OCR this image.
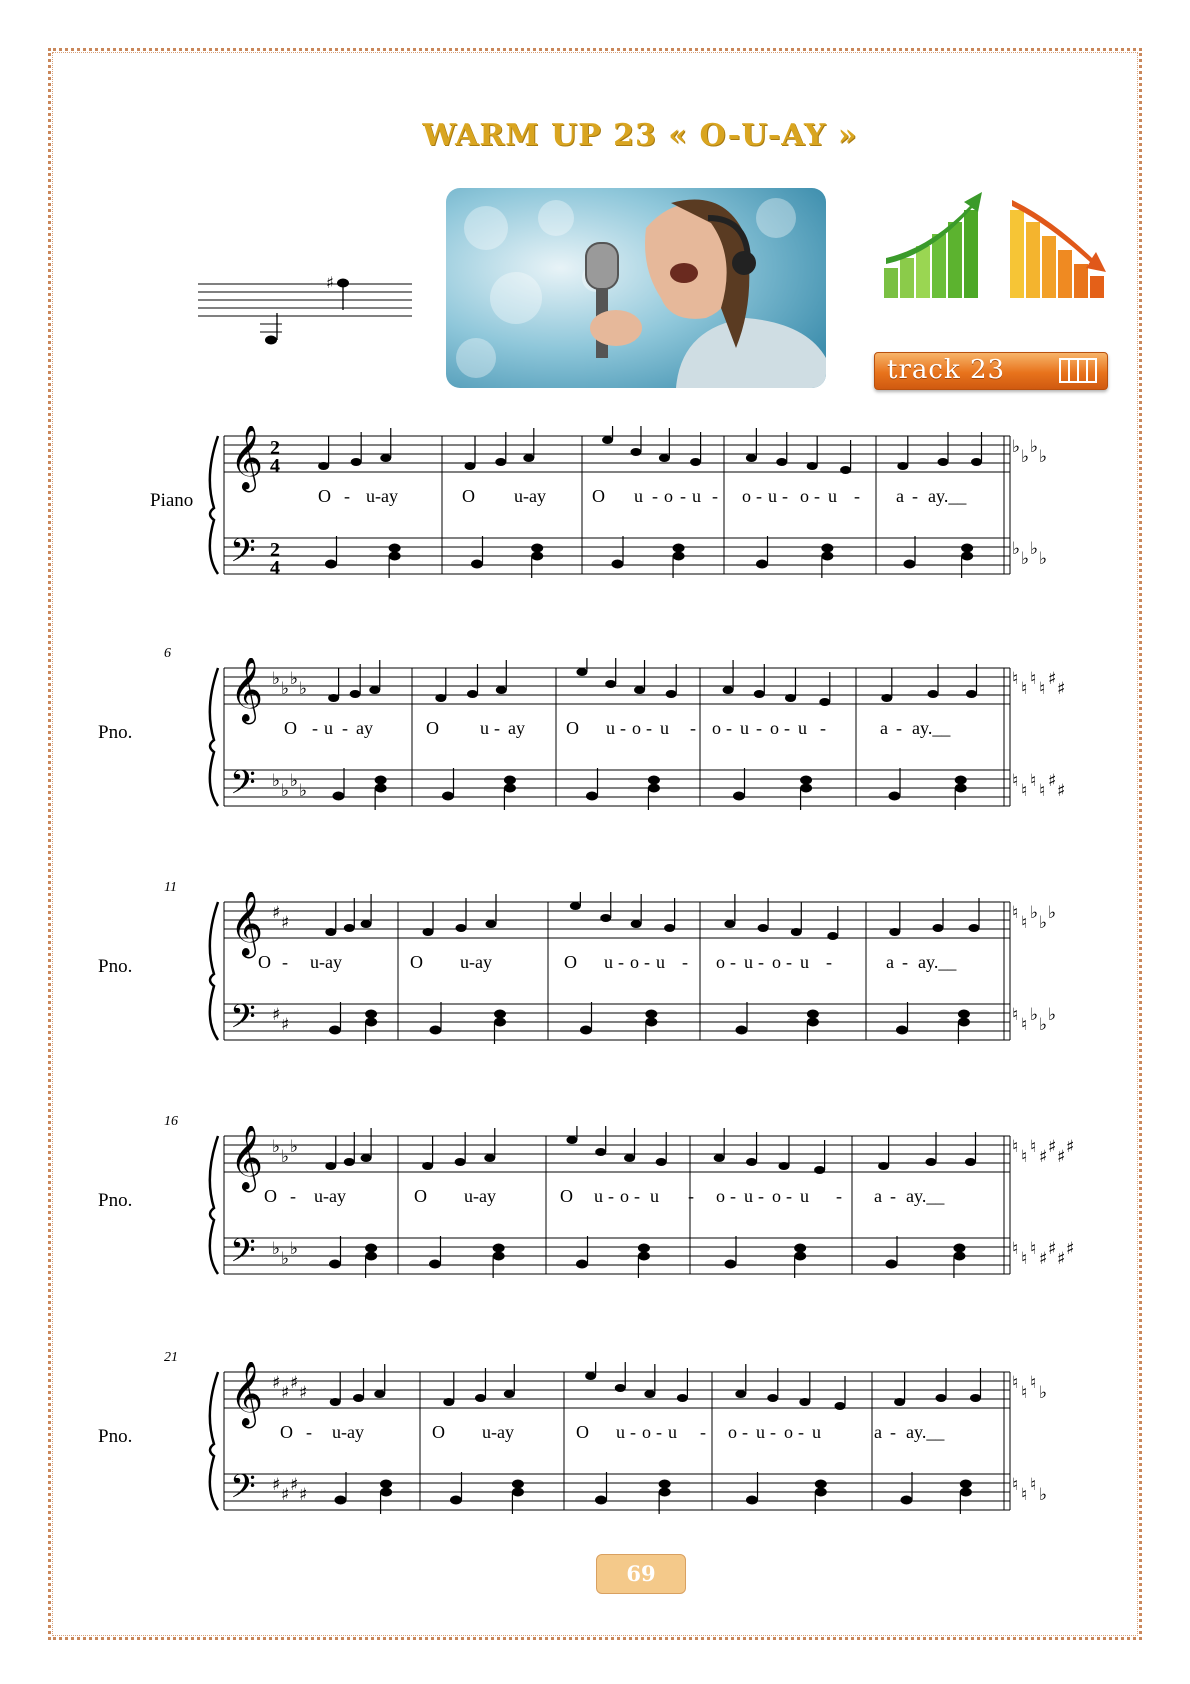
WARM UP 23 « O-U-AY »
♯
track 23
𝄞
𝄢
2
4
2
4
♭ ♭ ♭ ♭
♭ ♭ ♭ ♭
Piano	O - u-ay	O u-ay	O u - o - u - o - u - o - u - a - ay.__
𝄞
𝄢
♭ ♭ ♭ ♭
♭ ♭ ♭ ♭
♮ ♮ ♮ ♮ ♯ ♯
♮ ♮ ♮ ♮ ♯ ♯
Pno.
6
O - u - ay	O u - ay O u - o - u - o - u - o - u -	a - ay.__
𝄞
𝄢
♯ ♯
♯ ♯
♮ ♮ ♭ ♭ ♭
♮ ♮ ♭ ♭ ♭
Pno.
11
O - u-ay	O u-ay	O u - o - u - o - u - o - u -	a - ay.__
𝄞
𝄢
♭ ♭ ♭
♭ ♭ ♭
♮ ♮ ♮ ♯ ♯ ♯ ♯
♮ ♮ ♮ ♯ ♯ ♯ ♯
Pno.
16
O - u-ay	O u-ay	O u - o - u - o - u - o - u - a - ay.__
𝄞
𝄢
♯ ♯ ♯ ♯
♯ ♯ ♯ ♯
♮ ♮ ♮ ♭
♮ ♮ ♮ ♭
Pno.
21
O - u-ay	O u-ay	O u - o - u - o - u - o - u	a - ay.__
69
